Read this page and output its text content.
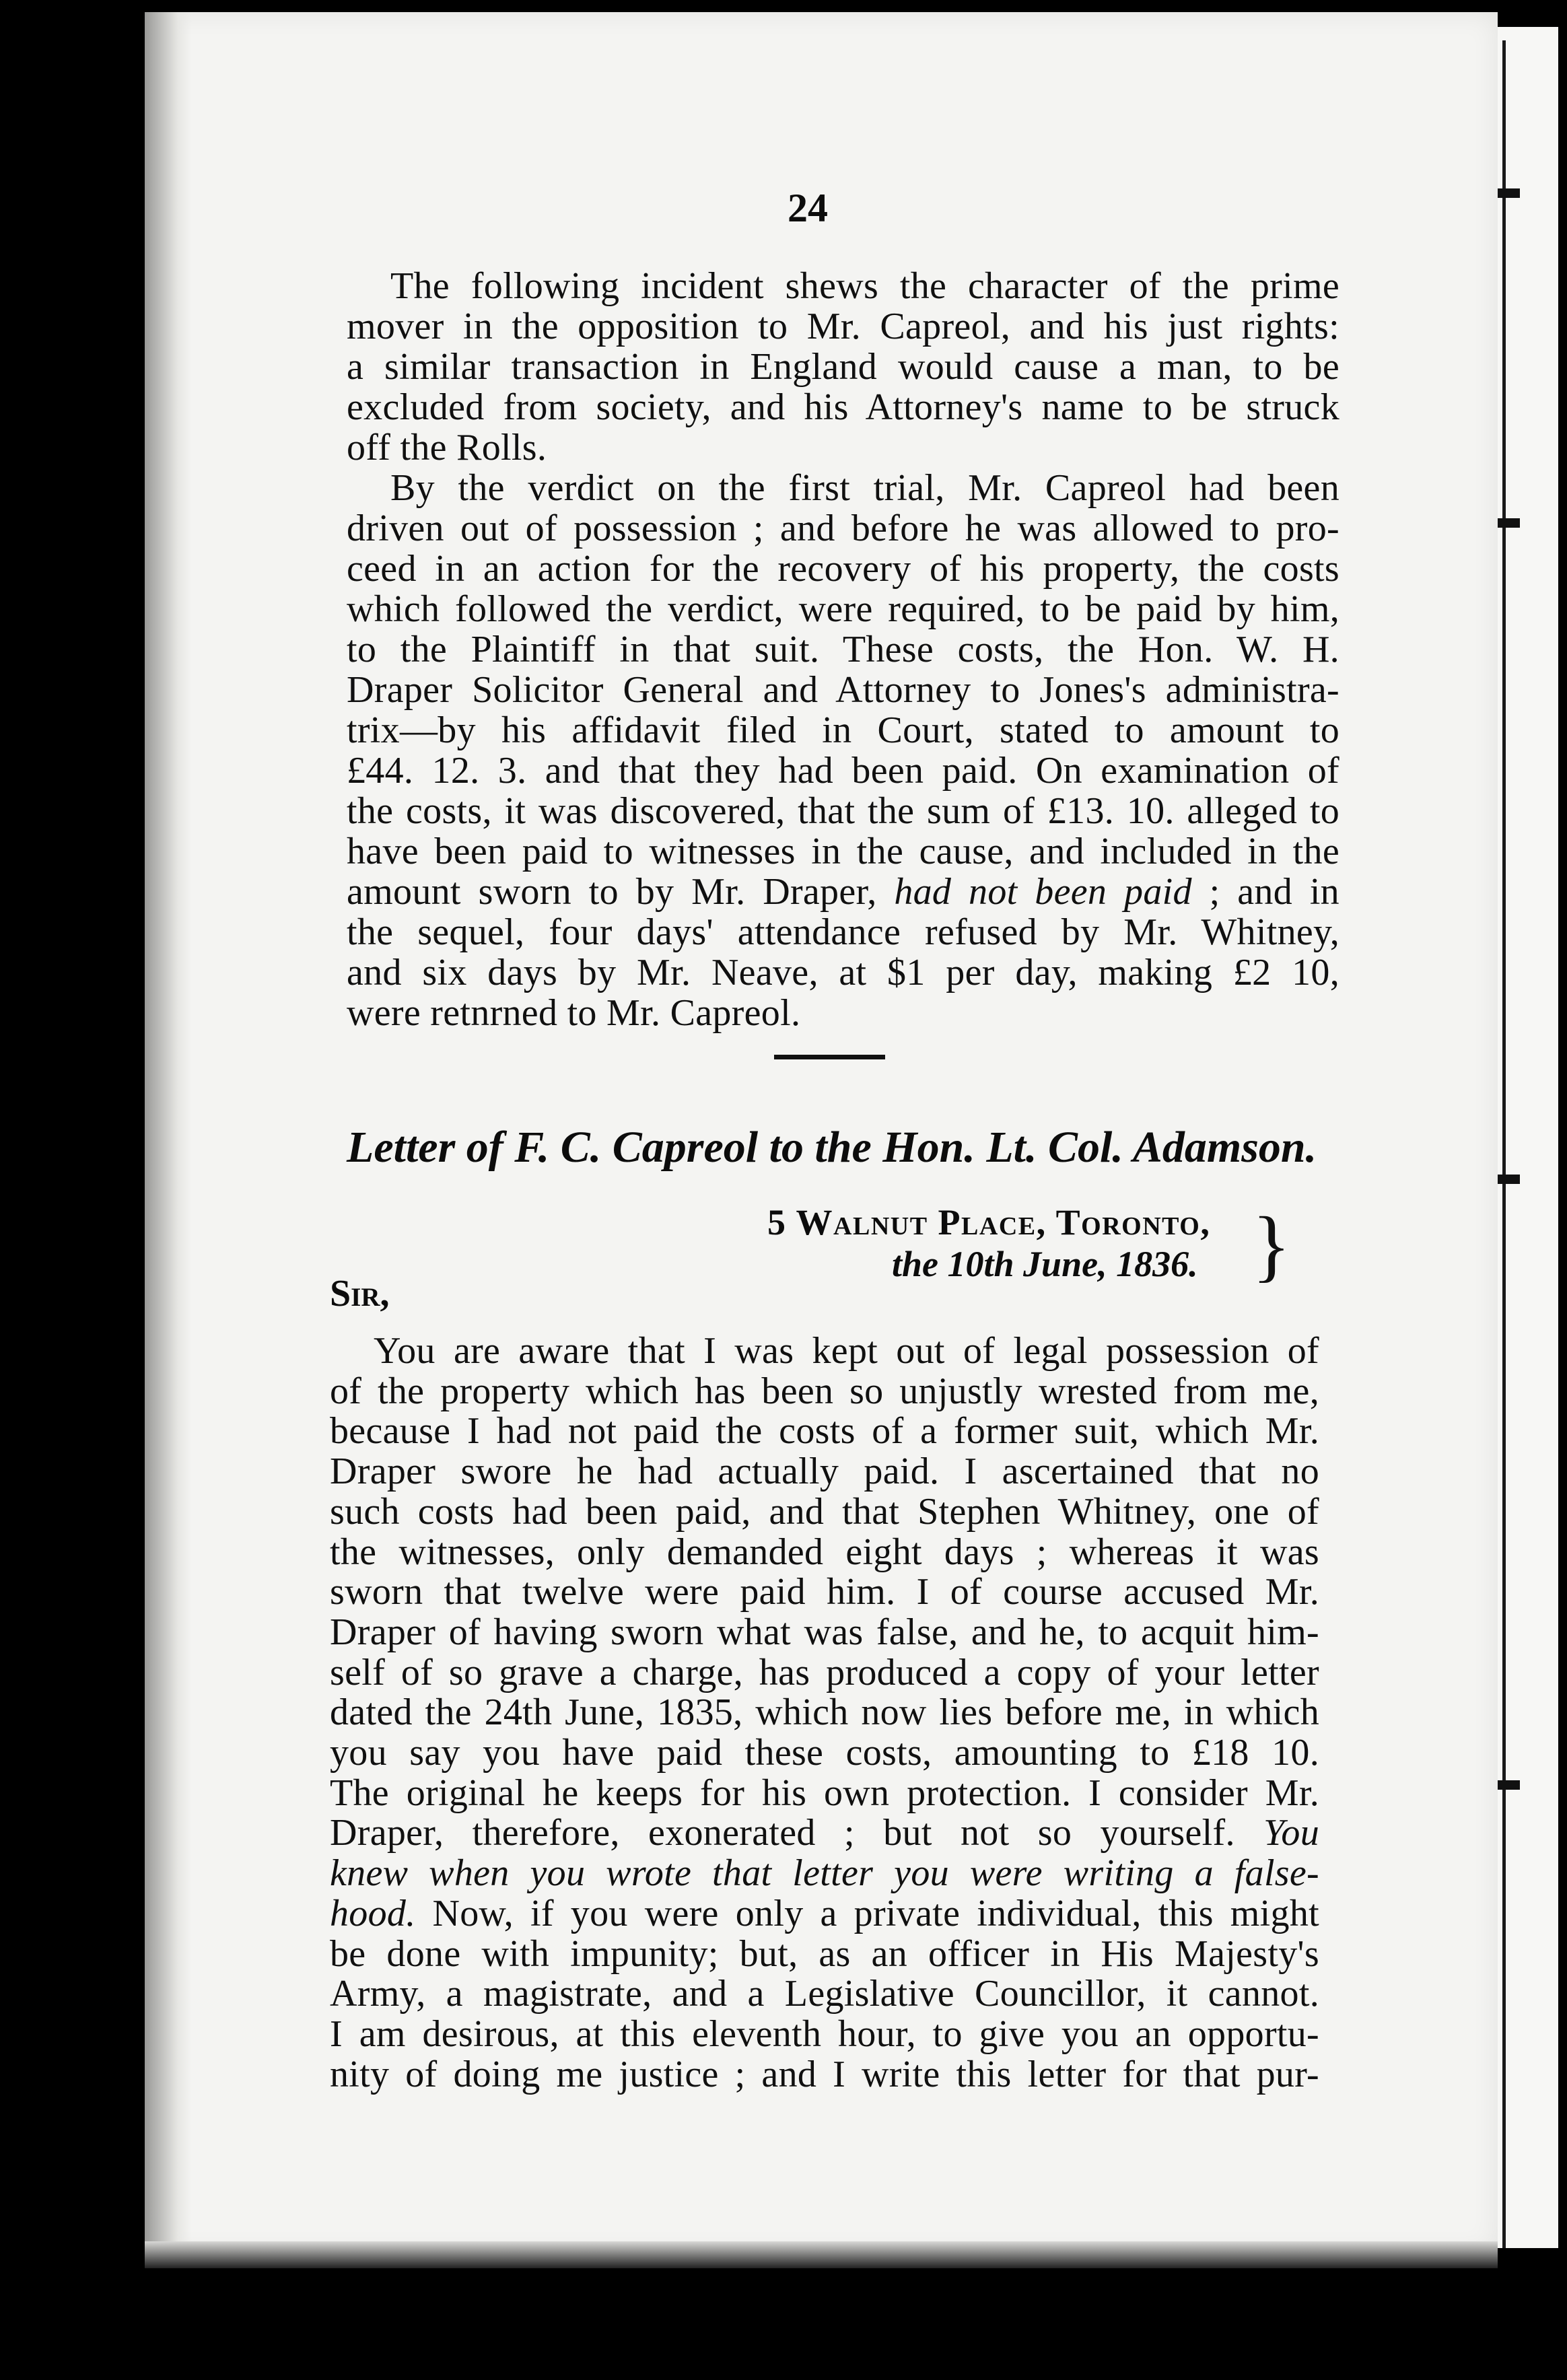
24
The following incident shews the character of the prime
mover in the opposition to Mr. Capreol, and his just rights:
a similar transaction in England would cause a man, to be
excluded from society, and his Attorney's name to be struck
off the Rolls.
By the verdict on the first trial, Mr. Capreol had been
driven out of possession ; and before he was allowed to pro-
ceed in an action for the recovery of his property, the costs
which followed the verdict, were required, to be paid by him,
to the Plaintiff in that suit. These costs, the Hon. W. H.
Draper Solicitor General and Attorney to Jones's administra-
trix—by his affidavit filed in Court, stated to amount to
£44. 12. 3. and that they had been paid. On examination of
the costs, it was discovered, that the sum of £13. 10. alleged to
have been paid to witnesses in the cause, and included in the
amount sworn to by Mr. Draper, had not been paid ; and in
the sequel, four days' attendance refused by Mr. Whitney,
and six days by Mr. Neave, at $1 per day, making £2 10,
were retnrned to Mr. Capreol.
Letter of F. C. Capreol to the Hon. Lt. Col. Adamson.
5 Walnut Place, Toronto,
the 10th June, 1836. }
Sir,
You are aware that I was kept out of legal possession of
of the property which has been so unjustly wrested from me,
because I had not paid the costs of a former suit, which Mr.
Draper swore he had actually paid. I ascertained that no
such costs had been paid, and that Stephen Whitney, one of
the witnesses, only demanded eight days ; whereas it was
sworn that twelve were paid him. I of course accused Mr.
Draper of having sworn what was false, and he, to acquit him-
self of so grave a charge, has produced a copy of your letter
dated the 24th June, 1835, which now lies before me, in which
you say you have paid these costs, amounting to £18 10.
The original he keeps for his own protection. I consider Mr.
Draper, therefore, exonerated ; but not so yourself. You
knew when you wrote that letter you were writing a false-
hood. Now, if you were only a private individual, this might
be done with impunity; but, as an officer in His Majesty's
Army, a magistrate, and a Legislative Councillor, it cannot.
I am desirous, at this eleventh hour, to give you an opportu-
nity of doing me justice ; and I write this letter for that pur-
